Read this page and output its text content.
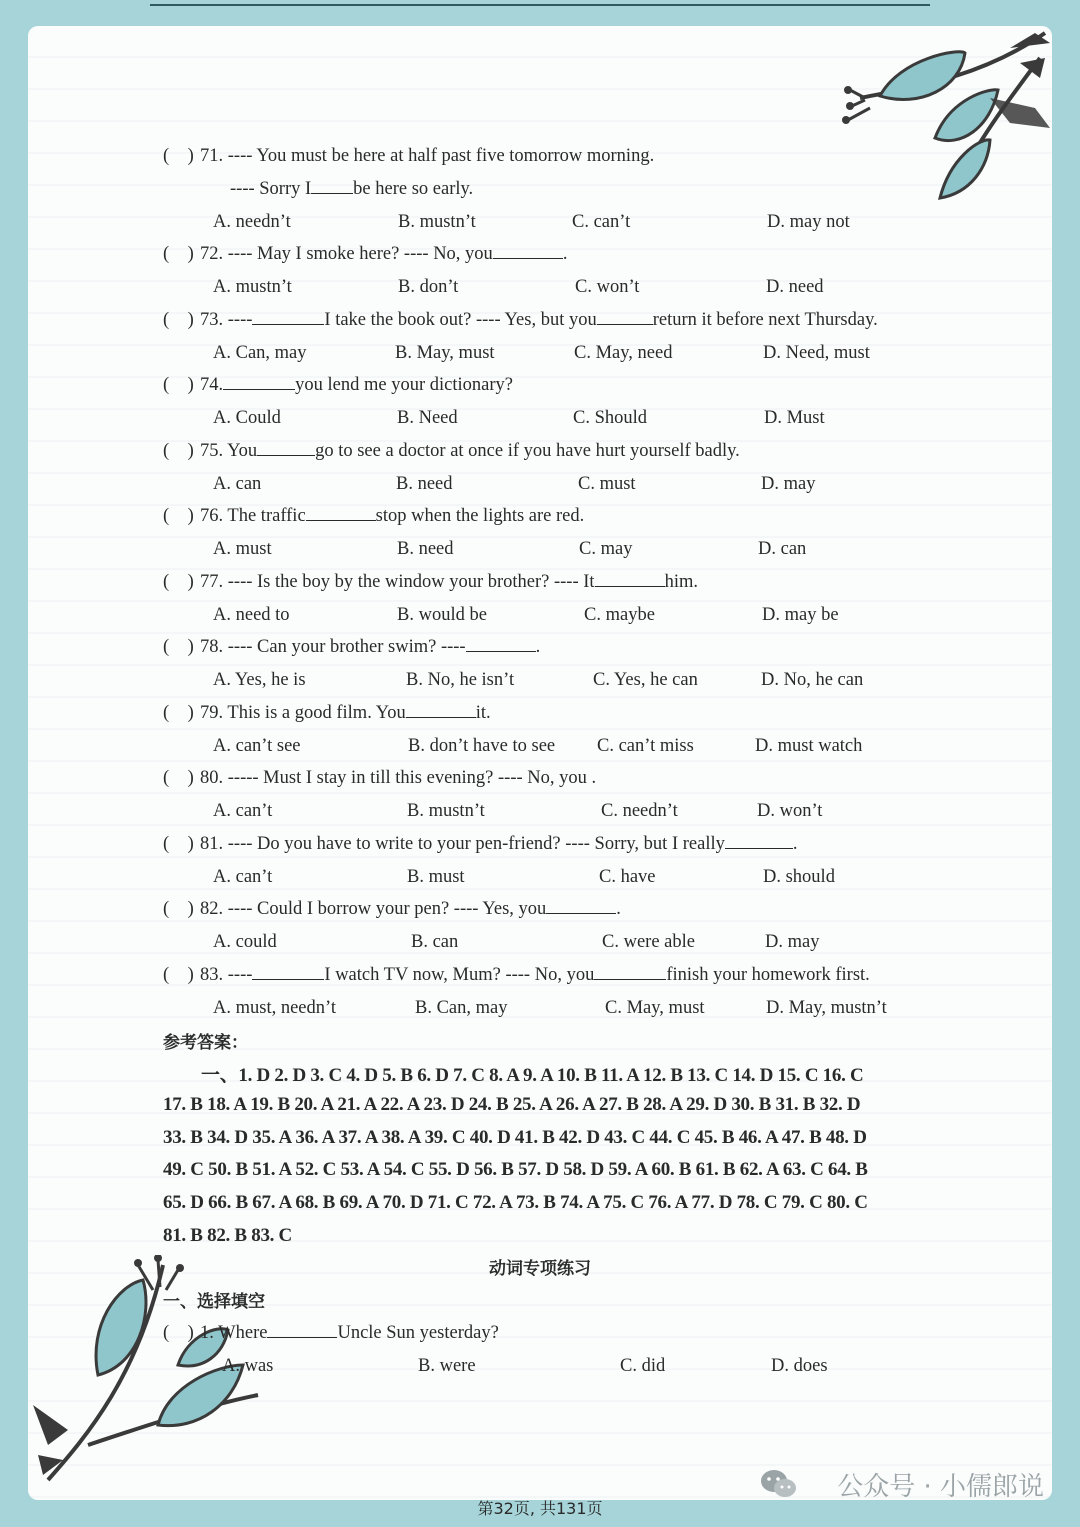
(    ) 71. ---- You must be here at half past five tomorrow morning.
---- Sorry I be here so early.
A. needn’t	B. mustn’t	C. can’t	D. may not
(    ) 72. ---- May I smoke here? ---- No, you	.
A. mustn’t	B. don’t	C. won’t	D. need
(    ) 73. ----	I take the book out? ---- Yes, but you	return it before next Thursday.
A. Can, may	B. May, must	C. May, need	D. Need, must
(    ) 74.	you lend me your dictionary?
A. Could	B. Need	C. Should	D. Must
(    ) 75. You	go to see a doctor at once if you have hurt yourself badly.
A. can	B. need	C. must	D. may
(    ) 76. The traffic	stop when the lights are red.
A. must	B. need	C. may	D. can
(    ) 77. ---- Is the boy by the window your brother? ---- It	him.
A. need to	B. would be	C. maybe	D. may be
(    ) 78. ---- Can your brother swim? ----	.
A. Yes, he is	B. No, he isn’t	C. Yes, he can	D. No, he can
(    ) 79. This is a good film. You	it.
A. can’t see	B. don’t have to see C. can’t miss	D. must watch
(    ) 80. ----- Must I stay in till this evening? ---- No, you .
A. can’t	B. mustn’t	C. needn’t	D. won’t
(    ) 81. ---- Do you have to write to your pen-friend? ---- Sorry, but I really	.
A. can’t	B. must	C. have	D. should
(    ) 82. ---- Could I borrow your pen? ---- Yes, you	.
A. could	B. can	C. were able	D. may
(    ) 83. ----	I watch TV now, Mum? ---- No, you	finish your homework first.
A. must, needn’t	B. Can, may	C. May, must	D. May, mustn’t
参考答案：
一、1. D 2. D 3. C 4. D 5. B 6. D 7. C 8. A 9. A 10. B 11. A 12. B 13. C 14. D 15. C 16. C
17. B 18. A 19. B 20. A 21. A 22. A 23. D 24. B 25. A 26. A 27. B 28. A 29. D 30. B 31. B 32. D
33. B 34. D 35. A 36. A 37. A 38. A 39. C 40. D 41. B 42. D 43. C 44. C 45. B 46. A 47. B 48. D
49. C 50. B 51. A 52. C 53. A 54. C 55. D 56. B 57. D 58. D 59. A 60. B 61. B 62. A 63. C 64. B
65. D 66. B 67. A 68. B 69. A 70. D 71. C 72. A 73. B 74. A 75. C 76. A 77. D 78. C 79. C 80. C
81. B 82. B 83. C
动词专项练习
一、选择填空
(    ) 1. Where	Uncle Sun yesterday?
A. was	B. were	C. did	D. does
公众号 · 小儒郎说
第32页, 共131页
